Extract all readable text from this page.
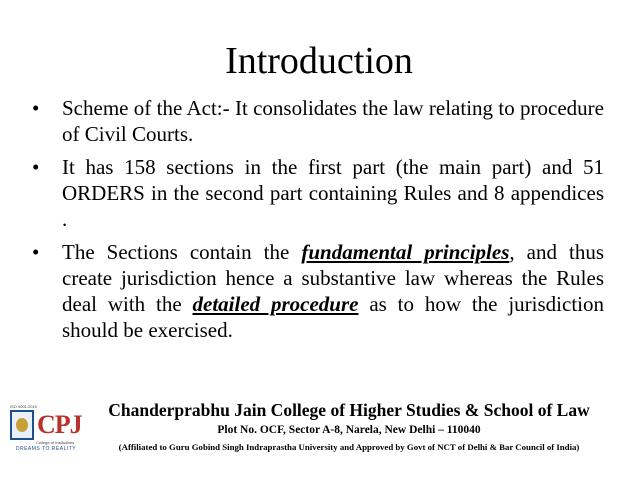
Introduction
•	Scheme of the Act:- It consolidates the law relating to procedure of Civil Courts.
•	It has 158 sections in the first part (the main part) and 51 ORDERS in the second part containing Rules and 8 appendices .
•	The Sections contain the fundamental principles, and thus create jurisdiction hence a substantive law whereas the Rules deal with the detailed procedure as to how the jurisdiction should be exercised.
ISO 9001:2015
CPJ
College of Institutions
DREAMS TO REALITY
Chanderprabhu Jain College of Higher Studies & School of Law
Plot No. OCF, Sector A-8, Narela, New Delhi – 110040
(Affiliated to Guru Gobind Singh Indraprastha University and Approved by Govt of NCT of Delhi & Bar Council of India)
